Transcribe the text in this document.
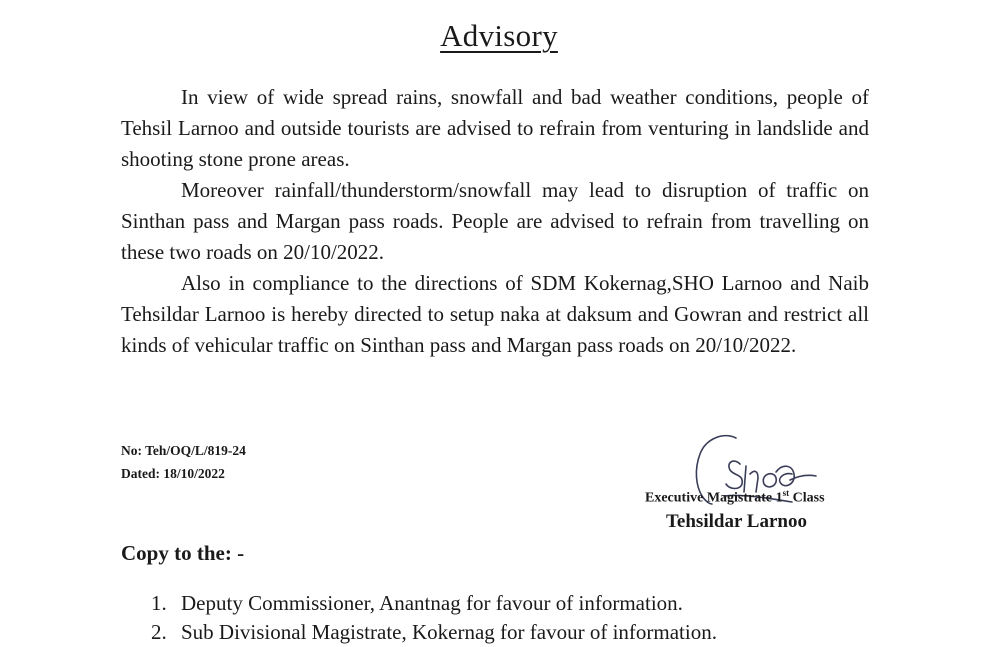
Advisory

In view of wide spread rains, snowfall and bad weather conditions, people of Tehsil Larnoo and outside tourists are advised to refrain from venturing in landslide and shooting stone prone areas.

Moreover rainfall/thunderstorm/snowfall may lead to disruption of traffic on Sinthan pass and Margan pass roads. People are advised to refrain from travelling on these two roads on 20/10/2022.

Also in compliance to the directions of SDM Kokernag,SHO Larnoo and Naib Tehsildar Larnoo is hereby directed to setup naka at daksum and Gowran and restrict all kinds of vehicular traffic on Sinthan pass and Margan pass roads on 20/10/2022.

No: Teh/OQ/L/819-24
Dated: 18/10/2022
Executive Magistrate 1st Class
Tehsildar Larnoo
Copy to the: -
1. Deputy Commissioner, Anantnag for favour of information.
2. Sub Divisional Magistrate, Kokernag for favour of information.
